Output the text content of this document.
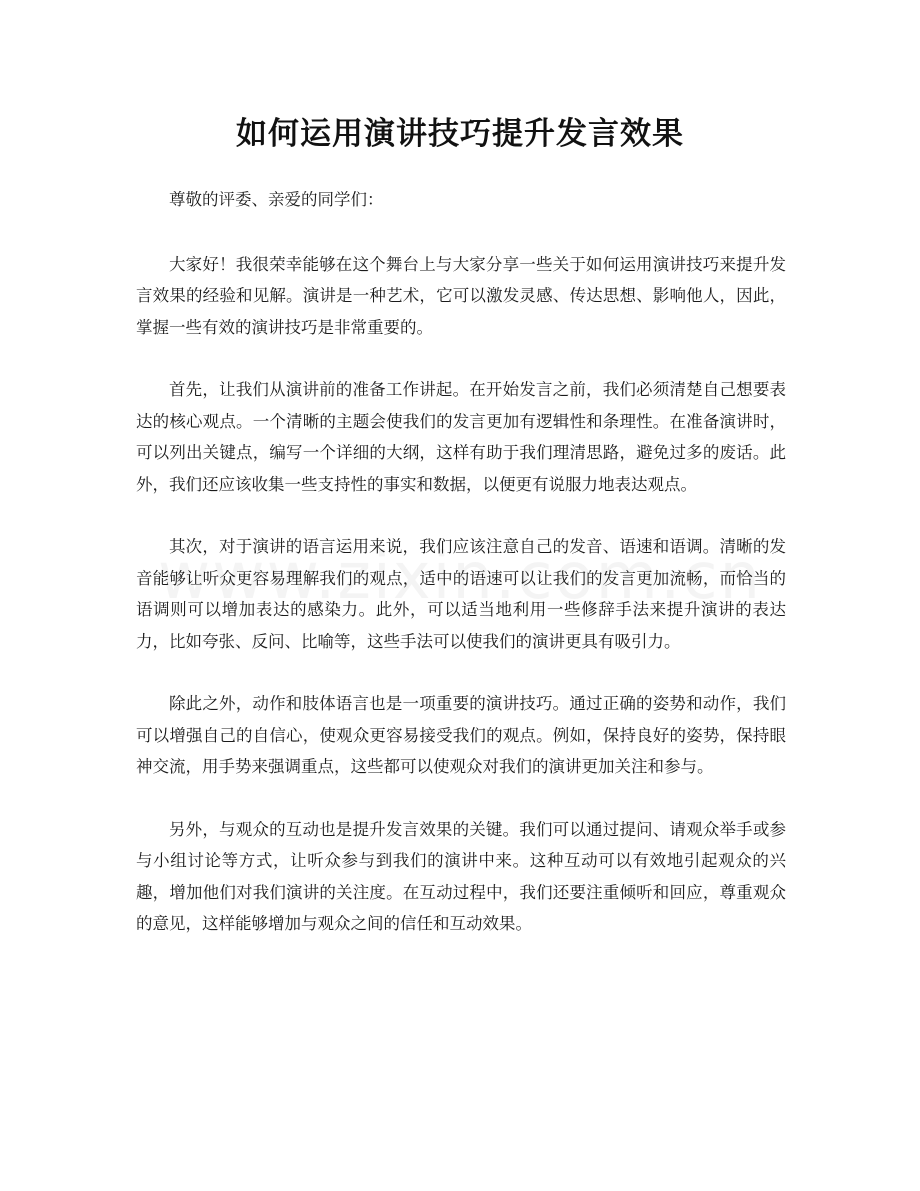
如何运用演讲技巧提升发言效果

尊敬的评委、亲爱的同学们：

大家好！我很荣幸能够在这个舞台上与大家分享一些关于如何运用演讲技巧来提升发言效果的经验和见解。演讲是一种艺术，它可以激发灵感、传达思想、影响他人，因此，掌握一些有效的演讲技巧是非常重要的。

首先，让我们从演讲前的准备工作讲起。在开始发言之前，我们必须清楚自己想要表达的核心观点。一个清晰的主题会使我们的发言更加有逻辑性和条理性。在准备演讲时，可以列出关键点，编写一个详细的大纲，这样有助于我们理清思路，避免过多的废话。此外，我们还应该收集一些支持性的事实和数据，以便更有说服力地表达观点。

其次，对于演讲的语言运用来说，我们应该注意自己的发音、语速和语调。清晰的发音能够让听众更容易理解我们的观点，适中的语速可以让我们的发言更加流畅，而恰当的语调则可以增加表达的感染力。此外，可以适当地利用一些修辞手法来提升演讲的表达力，比如夸张、反问、比喻等，这些手法可以使我们的演讲更具有吸引力。

除此之外，动作和肢体语言也是一项重要的演讲技巧。通过正确的姿势和动作，我们可以增强自己的自信心，使观众更容易接受我们的观点。例如，保持良好的姿势，保持眼神交流，用手势来强调重点，这些都可以使观众对我们的演讲更加关注和参与。

另外，与观众的互动也是提升发言效果的关键。我们可以通过提问、请观众举手或参与小组讨论等方式，让听众参与到我们的演讲中来。这种互动可以有效地引起观众的兴趣，增加他们对我们演讲的关注度。在互动过程中，我们还要注重倾听和回应，尊重观众的意见，这样能够增加与观众之间的信任和互动效果。
